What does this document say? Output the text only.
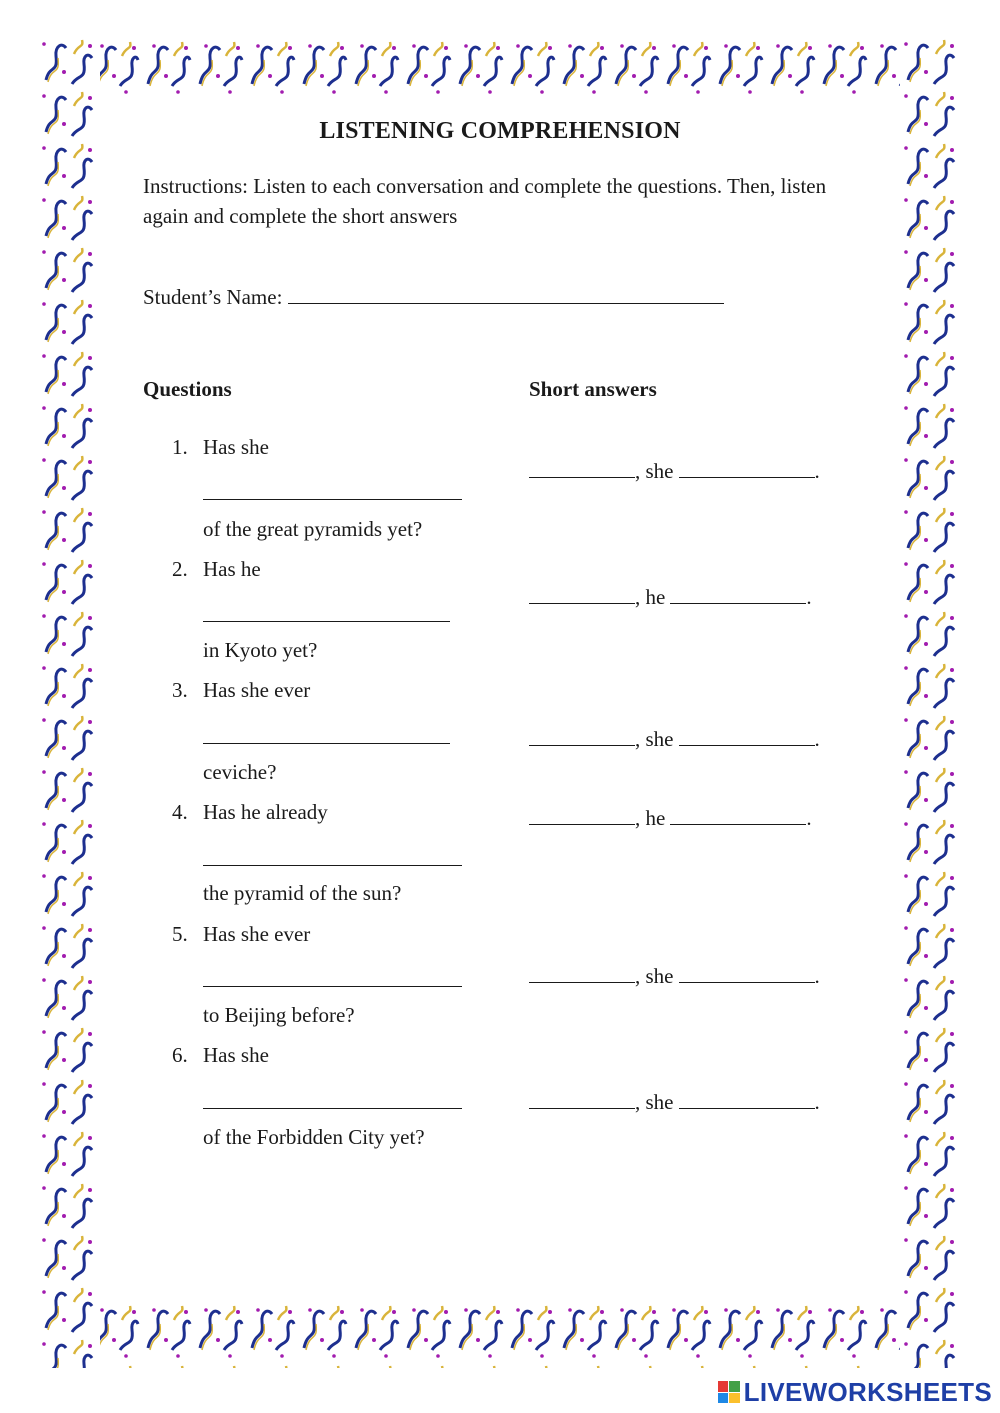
LISTENING COMPREHENSION
Instructions: Listen to each conversation and complete the questions. Then, listen again and complete the short answers
Student’s Name:
Questions	Short answers
1. Has she
of the great pyramids yet?
, she	.
2. Has he
in Kyoto yet?
, he	.
3. Has she ever
ceviche?
, she	.
4. Has he already
the pyramid of the sun?
, he	.
5. Has she ever
to Beijing before?
, she	.
6. Has she
of the Forbidden City yet?
, she	.
LIVEWORKSHEETS
